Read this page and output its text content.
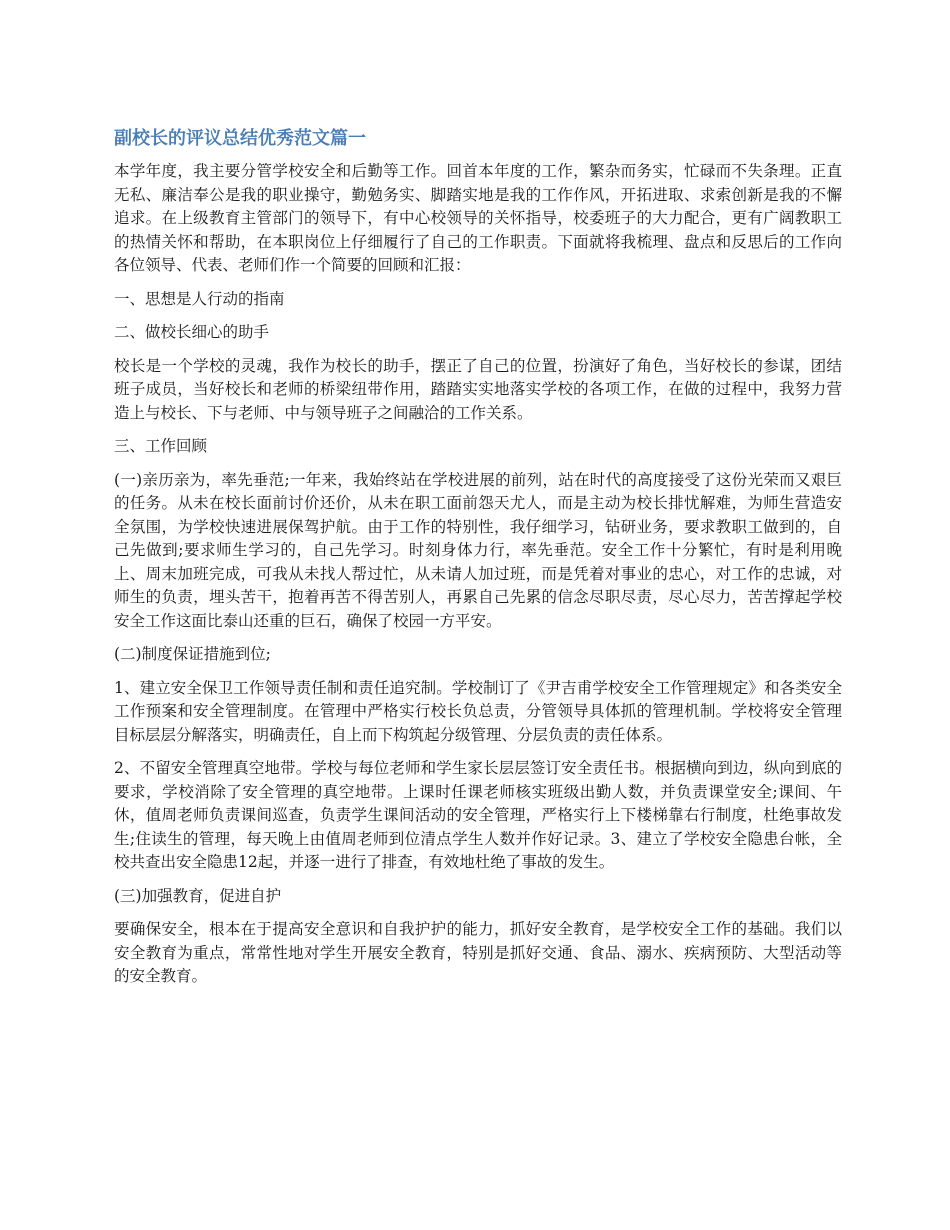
副校长的评议总结优秀范文篇一

本学年度，我主要分管学校安全和后勤等工作。回首本年度的工作，繁杂而务实，忙碌而不失条理。正直无私、廉洁奉公是我的职业操守，勤勉务实、脚踏实地是我的工作作风，开拓进取、求索创新是我的不懈追求。在上级教育主管部门的领导下，有中心校领导的关怀指导，校委班子的大力配合，更有广阔教职工的热情关怀和帮助，在本职岗位上仔细履行了自己的工作职责。下面就将我梳理、盘点和反思后的工作向各位领导、代表、老师们作一个简要的回顾和汇报：

一、思想是人行动的指南

二、做校长细心的助手

校长是一个学校的灵魂，我作为校长的助手，摆正了自己的位置，扮演好了角色，当好校长的参谋，团结班子成员，当好校长和老师的桥梁纽带作用，踏踏实实地落实学校的各项工作，在做的过程中，我努力营造上与校长、下与老师、中与领导班子之间融洽的工作关系。

三、工作回顾

(一)亲历亲为，率先垂范;一年来，我始终站在学校进展的前列，站在时代的高度接受了这份光荣而又艰巨的任务。从未在校长面前讨价还价，从未在职工面前怨天尤人，而是主动为校长排忧解难，为师生营造安全氛围，为学校快速进展保驾护航。由于工作的特别性，我仔细学习，钻研业务，要求教职工做到的，自己先做到;要求师生学习的，自己先学习。时刻身体力行，率先垂范。安全工作十分繁忙，有时是利用晚上、周末加班完成，可我从未找人帮过忙，从未请人加过班，而是凭着对事业的忠心，对工作的忠诚，对师生的负责，埋头苦干，抱着再苦不得苦别人，再累自己先累的信念尽职尽责，尽心尽力，苦苦撑起学校安全工作这面比泰山还重的巨石，确保了校园一方平安。

(二)制度保证措施到位;

1、建立安全保卫工作领导责任制和责任追究制。学校制订了《尹吉甫学校安全工作管理规定》和各类安全工作预案和安全管理制度。在管理中严格实行校长负总责，分管领导具体抓的管理机制。学校将安全管理目标层层分解落实，明确责任，自上而下构筑起分级管理、分层负责的责任体系。

2、不留安全管理真空地带。学校与每位老师和学生家长层层签订安全责任书。根据横向到边，纵向到底的要求，学校消除了安全管理的真空地带。上课时任课老师核实班级出勤人数，并负责课堂安全;课间、午休，值周老师负责课间巡查，负责学生课间活动的安全管理，严格实行上下楼梯靠右行制度，杜绝事故发生;住读生的管理，每天晚上由值周老师到位清点学生人数并作好记录。3、建立了学校安全隐患台帐，全校共查出安全隐患12起，并逐一进行了排查，有效地杜绝了事故的发生。

(三)加强教育，促进自护

要确保安全，根本在于提高安全意识和自我护护的能力，抓好安全教育，是学校安全工作的基础。我们以安全教育为重点，常常性地对学生开展安全教育，特别是抓好交通、食品、溺水、疾病预防、大型活动等的安全教育。
